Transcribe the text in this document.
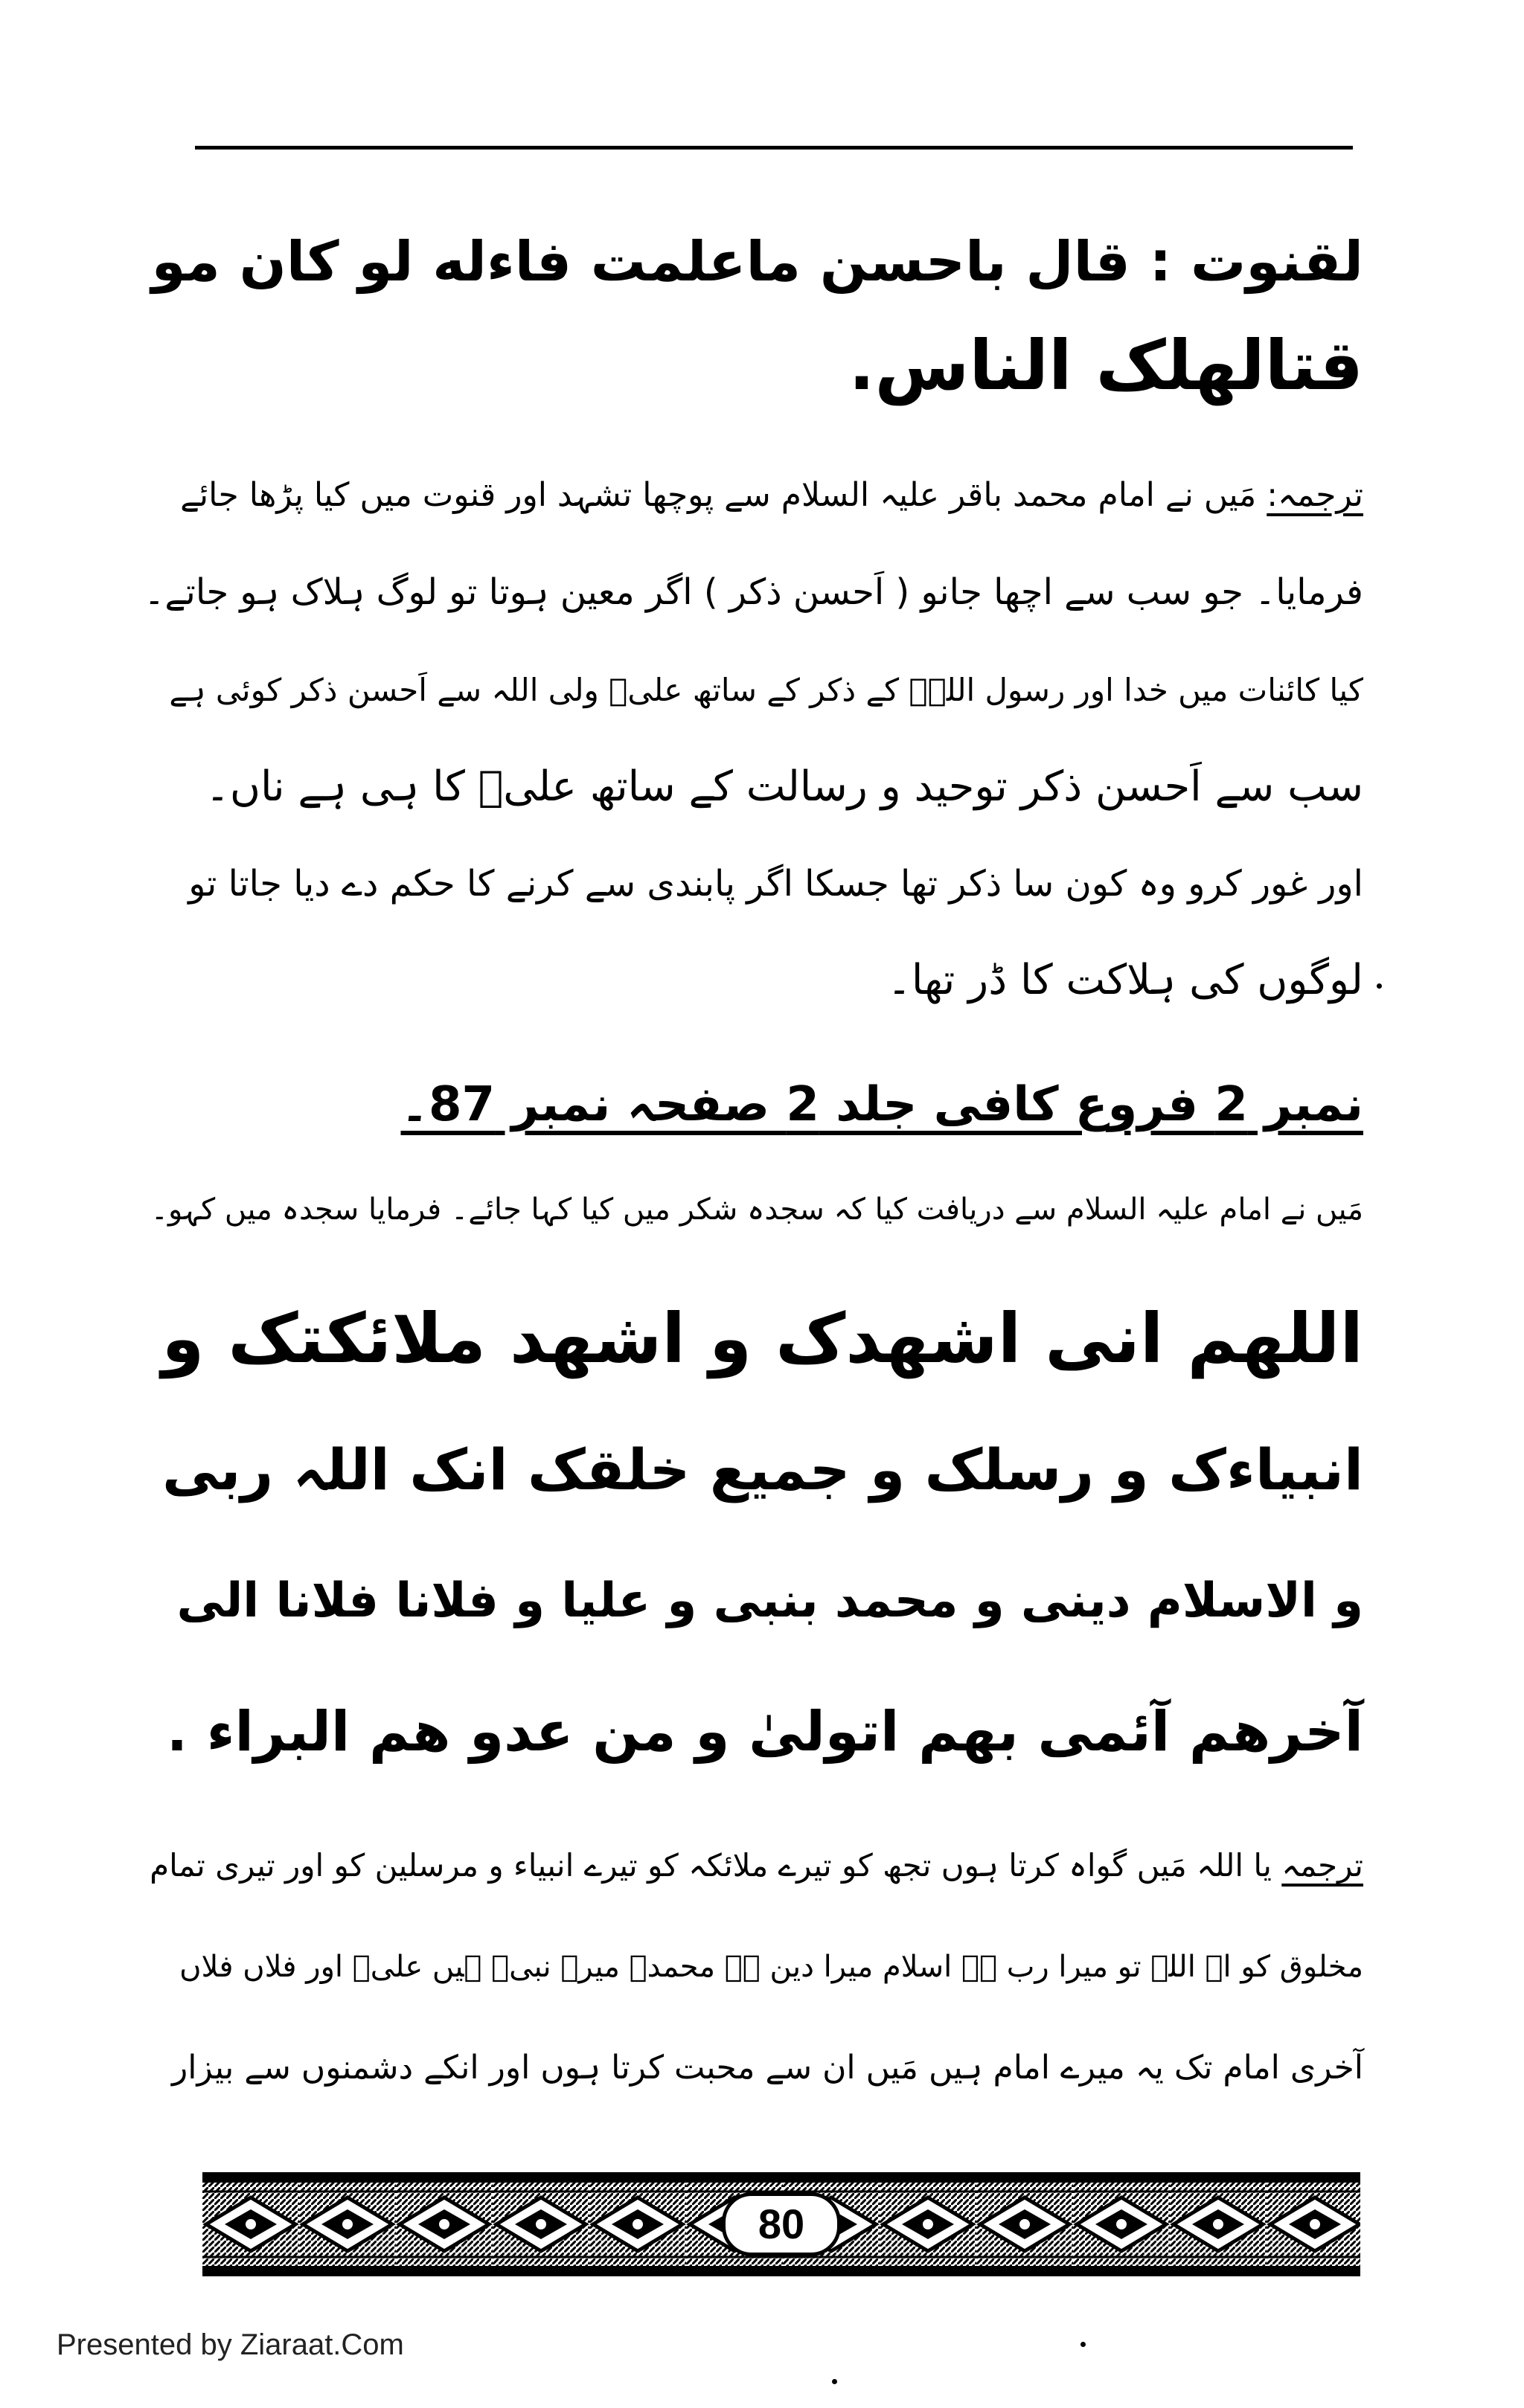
لقنوت : قال باحسن ماعلمت فاءله لو كان مو
قتالهلک الناس.
ترجمہ: مَیں نے امام محمد باقر علیہ السلام سے پوچھا تشہد اور قنوت میں کیا پڑھا جائے
فرمایا۔ جو سب سے اچھا جانو ( اَحسن ذکر ) اگر معین ہوتا تو لوگ ہلاک ہو جاتے۔
کیا کائنات میں خدا اور رسول اللہؐ کے ذکر کے ساتھ علیؑ ولی اللہ سے اَحسن ذکر کوئی ہے
سب سے اَحسن ذکر توحید و رسالت کے ساتھ علیؑ کا ہی ہے ناں۔
اور غور کرو وہ کون سا ذکر تھا جسکا اگر پابندی سے کرنے کا حکم دے دیا جاتا تو
لوگوں کی ہلاکت کا ڈر تھا۔
نمبر 2 فروع کافی جلد 2 صفحہ نمبر 87۔
مَیں نے امام علیہ السلام سے دریافت کیا کہ سجدہ شکر میں کیا کہا جائے۔ فرمایا سجدہ میں کہو۔
اللھم انی اشھدک و اشھد ملائکتک و
انبیاءک و رسلک و جمیع خلقک انک اللہ ربی
و الاسلام دینی و محمد بنبی و علیا و فلانا فلانا الی
آخرھم آئمی بھم اتولیٰ و من عدو ھم البراء .
ترجمہ یا اللہ مَیں گواہ کرتا ہوں تجھ کو تیرے ملائکہ کو تیرے انبیاء و مرسلین کو اور تیری تمام
مخلوق کو اے اللہ تو میرا رب ہے اسلام میرا دین ہے محمدؐ میرے نبیؐ ہیں علیؑ اور فلاں فلاں
آخری امام تک یہ میرے امام ہیں مَیں ان سے محبت کرتا ہوں اور انکے دشمنوں سے بیزار
80
Presented by Ziaraat.Com
